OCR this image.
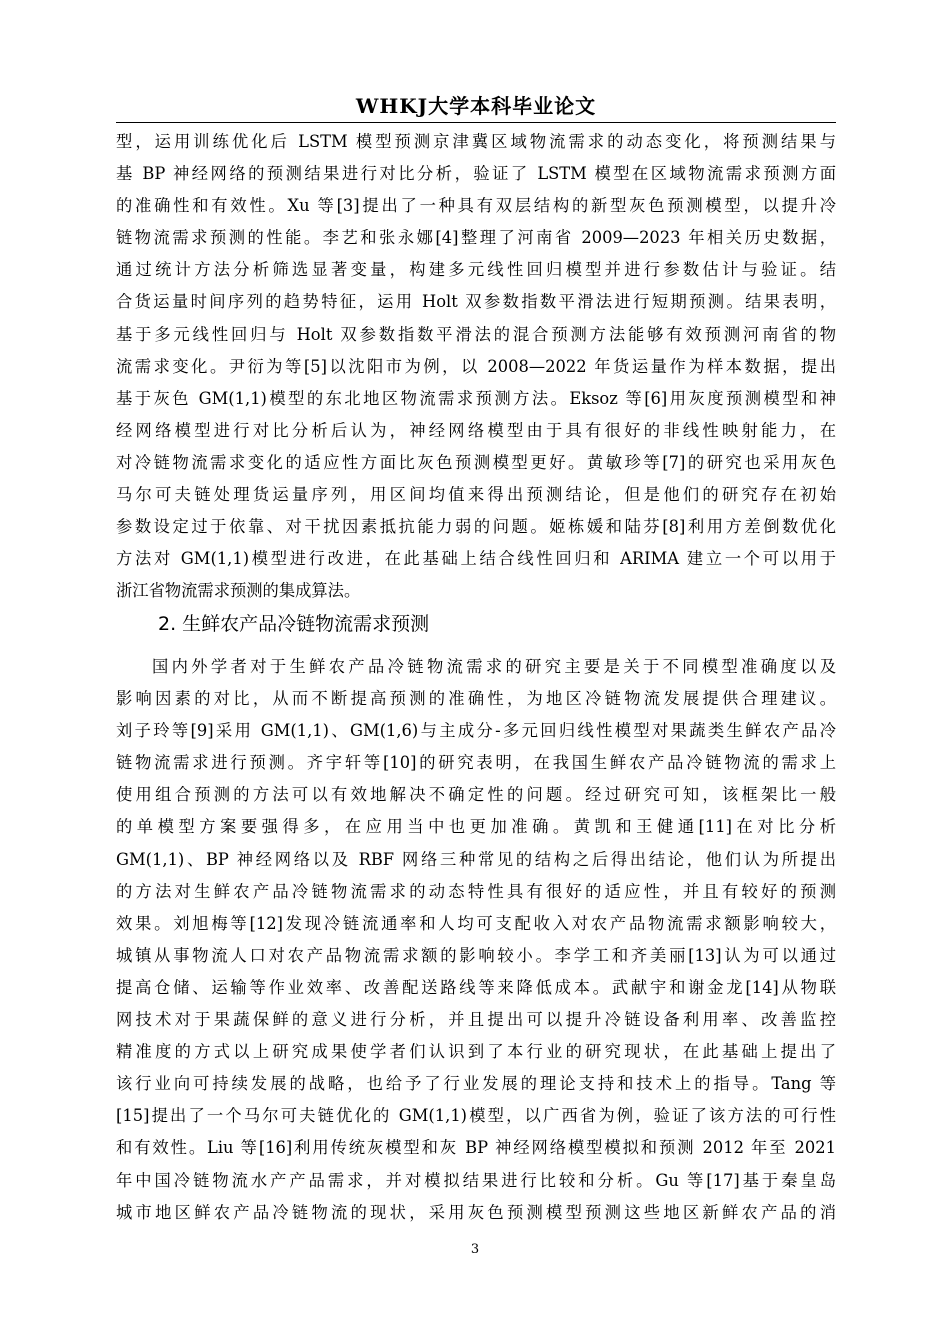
WHKJ大学本科毕业论文
型，运用训练优化后 LSTM 模型预测京津冀区域物流需求的动态变化，将预测结果与
基 BP 神经网络的预测结果进行对比分析，验证了 LSTM 模型在区域物流需求预测方面
的准确性和有效性。Xu 等[3]提出了一种具有双层结构的新型灰色预测模型，以提升冷
链物流需求预测的性能。李艺和张永娜[4]整理了河南省 2009—2023 年相关历史数据，
通过统计方法分析筛选显著变量，构建多元线性回归模型并进行参数估计与验证。结
合货运量时间序列的趋势特征，运用 Holt 双参数指数平滑法进行短期预测。结果表明，
基于多元线性回归与 Holt 双参数指数平滑法的混合预测方法能够有效预测河南省的物
流需求变化。尹衍为等[5]以沈阳市为例，以 2008—2022 年货运量作为样本数据，提出
基于灰色 GM(1,1)模型的东北地区物流需求预测方法。Eksoz 等[6]用灰度预测模型和神
经网络模型进行对比分析后认为，神经网络模型由于具有很好的非线性映射能力，在
对冷链物流需求变化的适应性方面比灰色预测模型更好。黄敏珍等[7]的研究也采用灰色
马尔可夫链处理货运量序列，用区间均值来得出预测结论，但是他们的研究存在初始
参数设定过于依靠、对干扰因素抵抗能力弱的问题。姬栋媛和陆芬[8]利用方差倒数优化
方法对 GM(1,1)模型进行改进，在此基础上结合线性回归和 ARIMA 建立一个可以用于
浙江省物流需求预测的集成算法。
2. 生鲜农产品冷链物流需求预测
国内外学者对于生鲜农产品冷链物流需求的研究主要是关于不同模型准确度以及
影响因素的对比，从而不断提高预测的准确性，为地区冷链物流发展提供合理建议。
刘子玲等[9]采用 GM(1,1)、GM(1,6)与主成分-多元回归线性模型对果蔬类生鲜农产品冷
链物流需求进行预测。齐宇轩等[10]的研究表明，在我国生鲜农产品冷链物流的需求上
使用组合预测的方法可以有效地解决不确定性的问题。经过研究可知，该框架比一般
的单模型方案要强得多，在应用当中也更加准确。黄凯和王健通[11]在对比分析
GM(1,1)、BP 神经网络以及 RBF 网络三种常见的结构之后得出结论，他们认为所提出
的方法对生鲜农产品冷链物流需求的动态特性具有很好的适应性，并且有较好的预测
效果。刘旭梅等[12]发现冷链流通率和人均可支配收入对农产品物流需求额影响较大，
城镇从事物流人口对农产品物流需求额的影响较小。李学工和齐美丽[13]认为可以通过
提高仓储、运输等作业效率、改善配送路线等来降低成本。武献宇和谢金龙[14]从物联
网技术对于果蔬保鲜的意义进行分析，并且提出可以提升冷链设备利用率、改善监控
精准度的方式以上研究成果使学者们认识到了本行业的研究现状，在此基础上提出了
该行业向可持续发展的战略，也给予了行业发展的理论支持和技术上的指导。Tang 等
[15]提出了一个马尔可夫链优化的 GM(1,1)模型，以广西省为例，验证了该方法的可行性
和有效性。Liu 等[16]利用传统灰模型和灰 BP 神经网络模型模拟和预测 2012 年至 2021
年中国冷链物流水产产品需求，并对模拟结果进行比较和分析。Gu 等[17]基于秦皇岛
城市地区鲜农产品冷链物流的现状，采用灰色预测模型预测这些地区新鲜农产品的消
3
